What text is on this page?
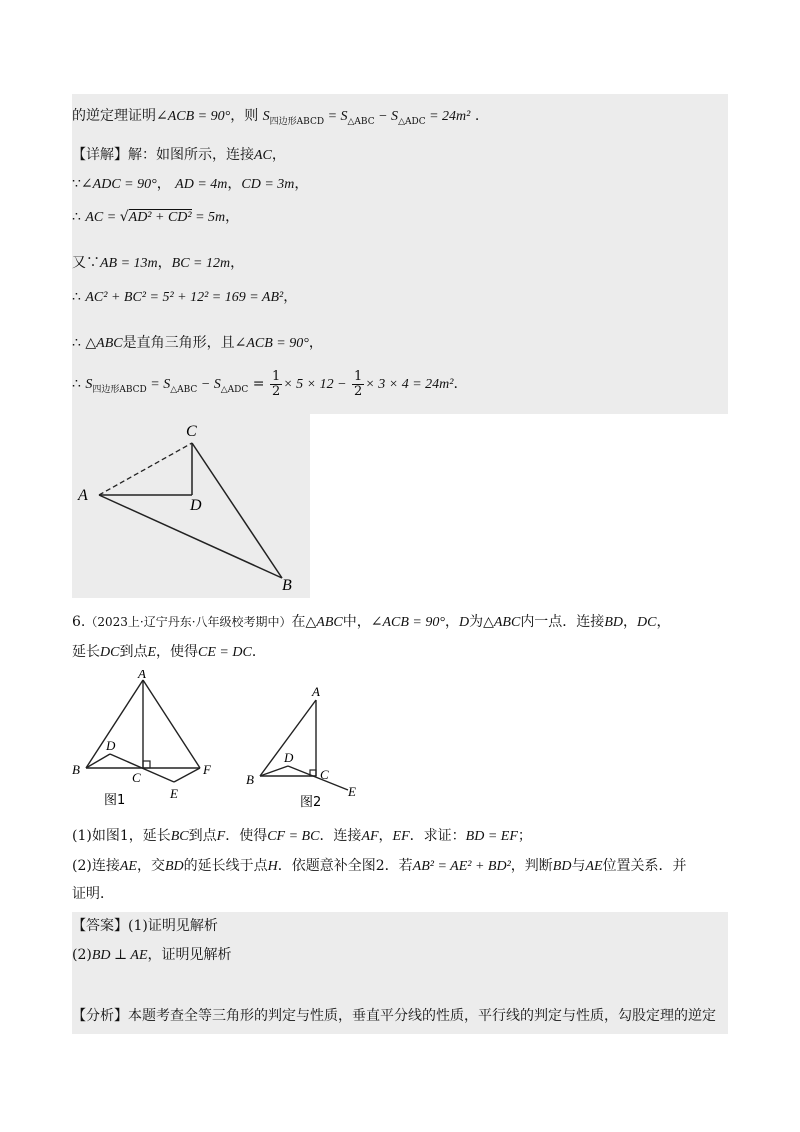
的逆定理证明∠ACB = 90°，则 $S_{四边形ABCD} = S_{\triangle ABC} - S_{\triangle ADC} = 24m^2$ .
【详解】解：如图所示，连接AC，
∵∠ADC = 90°， AD = 4m，CD = 3m，
∴ AC = √AD² + CD² = 5m，
又∵AB = 13m，BC = 12m，
∴ AC² + BC² = 5² + 12² = 169 = AB²，
∴ △ABC是直角三角形，且∠ACB = 90°，
∴ $S_{四边形ABCD} = S_{\triangle ABC} - S_{\triangle ADC} = \frac{1}{2} \times 5 \times 12 - \frac{1}{2} \times 3 \times 4 = 24m^2$.
A
C
D
B
6.（2023上·辽宁丹东·八年级校考期中）在△ABC中，∠ACB = 90°，D为△ABC内一点．连接BD，DC，
延长DC到点E，使得CE = DC．
A
B
C
D
E
F
图1
A
B	C
D
E
图2
(1)如图1，延长BC到点F．使得CF = BC．连接AF，EF．求证：BD = EF；
(2)连接AE，交BD的延长线于点H．依题意补全图2．若AB² = AE² + BD²，判断BD与AE位置关系．并
证明．
【答案】(1)证明见解析
(2)BD ⊥ AE，证明见解析
【分析】本题考查全等三角形的判定与性质，垂直平分线的性质，平行线的判定与性质，勾股定理的逆定
